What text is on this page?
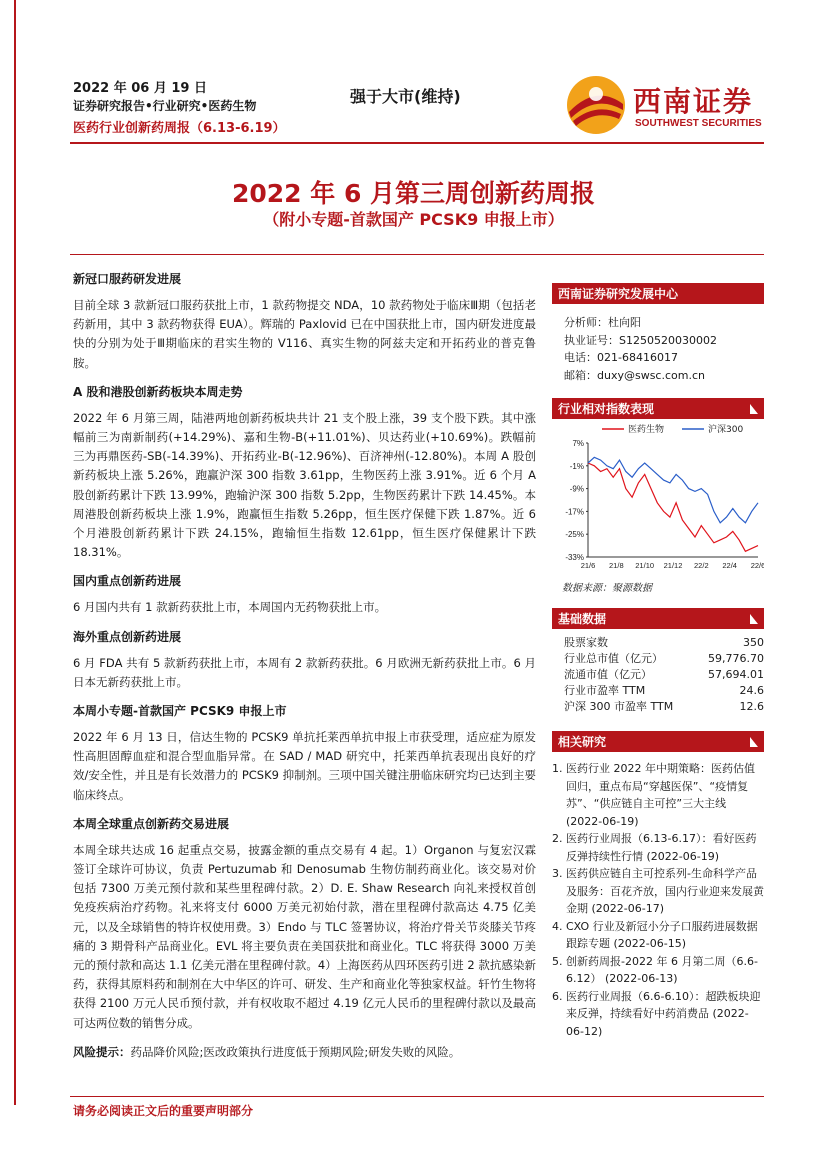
2022 年 06 月 19 日
证券研究报告•行业研究•医药生物
医药行业创新药周报（6.13-6.19）
强于大市(维持)	西南证券
SOUTHWEST SECURITIES
2022 年 6 月第三周创新药周报
（附小专题-首款国产 PCSK9 申报上市）
新冠口服药研发进展
目前全球 3 款新冠口服药获批上市，1 款药物提交 NDA，10 款药物处于临床Ⅲ期（包括老药新用，其中 3 款药物获得 EUA）。辉瑞的 Paxlovid 已在中国获批上市，国内研发进度最快的分别为处于Ⅲ期临床的君实生物的 V116、真实生物的阿兹夫定和开拓药业的普克鲁胺。
A 股和港股创新药板块本周走势
2022 年 6 月第三周，陆港两地创新药板块共计 21 支个股上涨，39 支个股下跌。其中涨幅前三为南新制药(+14.29%)、嘉和生物-B(+11.01%)、贝达药业(+10.69%)。跌幅前三为再鼎医药-SB(-14.39%)、开拓药业-B(-12.96%)、百济神州(-12.80%)。本周 A 股创新药板块上涨 5.26%，跑赢沪深 300 指数 3.61pp，生物医药上涨 3.91%。近 6 个月 A 股创新药累计下跌 13.99%，跑输沪深 300 指数 5.2pp，生物医药累计下跌 14.45%。本周港股创新药板块上涨 1.9%，跑赢恒生指数 5.26pp，恒生医疗保健下跌 1.87%。近 6 个月港股创新药累计下跌 24.15%，跑输恒生指数 12.61pp，恒生医疗保健累计下跌 18.31%。
国内重点创新药进展
6 月国内共有 1 款新药获批上市，本周国内无药物获批上市。
海外重点创新药进展
6 月 FDA 共有 5 款新药获批上市，本周有 2 款新药获批。6 月欧洲无新药获批上市。6 月日本无新药获批上市。
本周小专题-首款国产 PCSK9 申报上市
2022 年 6 月 13 日，信达生物的 PCSK9 单抗托莱西单抗申报上市获受理，适应症为原发性高胆固醇血症和混合型血脂异常。在 SAD / MAD 研究中，托莱西单抗表现出良好的疗效/安全性，并且是有长效潜力的 PCSK9 抑制剂。三项中国关键注册临床研究均已达到主要临床终点。
本周全球重点创新药交易进展
本周全球共达成 16 起重点交易，披露金额的重点交易有 4 起。1）Organon 与复宏汉霖签订全球许可协议，负责 Pertuzumab 和 Denosumab 生物仿制药商业化。该交易对价包括 7300 万美元预付款和某些里程碑付款。2）D. E. Shaw Research 向礼来授权首创免疫疾病治疗药物。礼来将支付 6000 万美元初始付款，潜在里程碑付款高达 4.75 亿美元，以及全球销售的特许权使用费。3）Endo 与 TLC 签署协议，将治疗骨关节炎膝关节疼痛的 3 期骨科产品商业化。EVL 将主要负责在美国获批和商业化。TLC 将获得 3000 万美元的预付款和高达 1.1 亿美元潜在里程碑付款。4）上海医药从四环医药引进 2 款抗感染新药，获得其原料药和制剂在大中华区的许可、研发、生产和商业化等独家权益。轩竹生物将获得 2100 万元人民币预付款，并有权收取不超过 4.19 亿元人民币的里程碑付款以及最高可达两位数的销售分成。
风险提示：药品降价风险;医改政策执行进度低于预期风险;研发失败的风险。
西南证券研究发展中心
分析师：杜向阳
执业证号：S1250520030002
电话：021-68416017
邮箱：duxy@swsc.com.cn
行业相对指数表现
7%
-1%
-9%
-17%
-25%
-33%
21/6 21/8 21/10 21/12 22/2 22/4 22/6
医药生物	沪深300
数据来源：聚源数据
基础数据
股票家数	350
行业总市值（亿元）	59,776.70
流通市值（亿元）	57,694.01
行业市盈率 TTM	24.6
沪深 300 市盈率 TTM	12.6
相关研究
1. 医药行业 2022 年中期策略：医药估值回归，重点布局“穿越医保”、“疫情复苏”、“供应链自主可控”三大主线 (2022-06-19)
2. 医药行业周报（6.13-6.17）：看好医药反弹持续性行情 (2022-06-19)
3. 医药供应链自主可控系列-生命科学产品及服务：百花齐放，国内行业迎来发展黄金期 (2022-06-17)
4. CXO 行业及新冠小分子口服药进展数据跟踪专题 (2022-06-15)
5. 创新药周报-2022 年 6 月第二周（6.6-6.12） (2022-06-13)
6. 医药行业周报（6.6-6.10）：超跌板块迎来反弹，持续看好中药消费品 (2022-06-12)
请务必阅读正文后的重要声明部分
